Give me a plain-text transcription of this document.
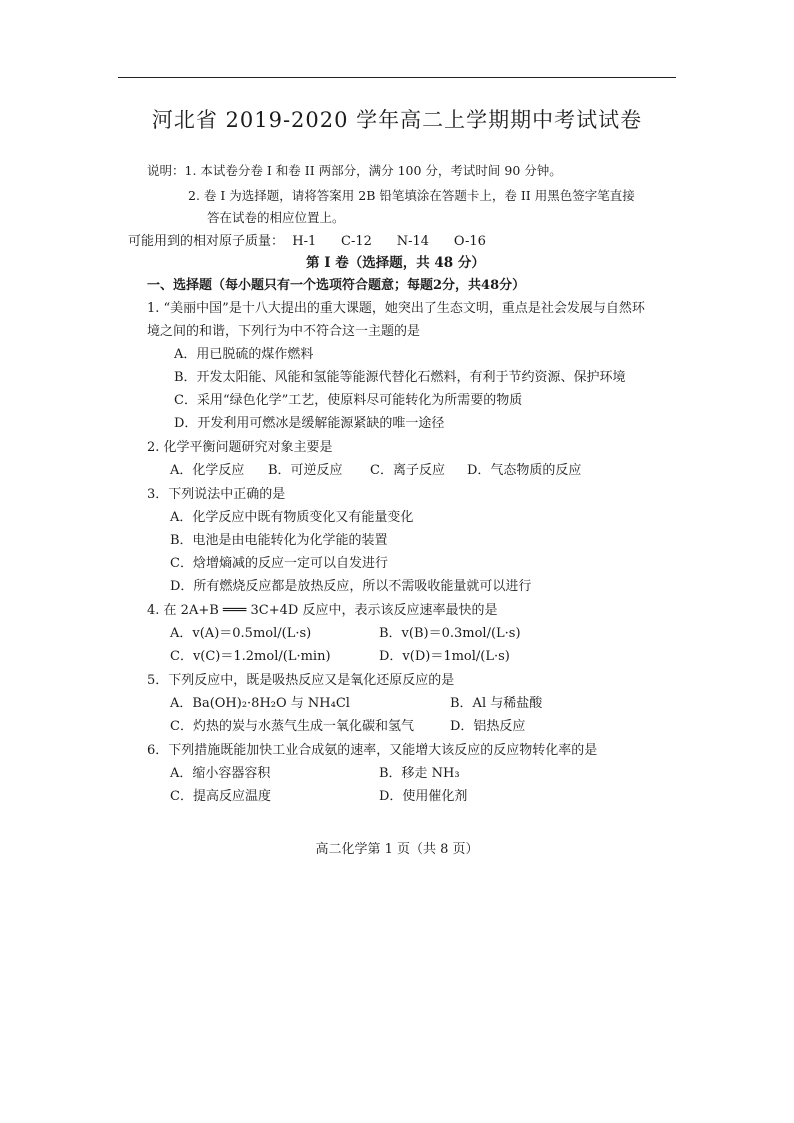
河北省 2019-2020 学年高二上学期期中考试试卷
说明：1. 本试卷分卷 I 和卷 II 两部分，满分 100 分，考试时间 90 分钟。
2. 卷 I 为选择题，请将答案用 2B 铅笔填涂在答题卡上，卷 II 用黑色签字笔直接
答在试卷的相应位置上。
可能用到的相对原子质量：  H-1      C-12      N-14      O-16
第 I 卷（选择题，共 48 分）
一、选择题（每小题只有一个选项符合题意；每题2分，共48分）
1. “美丽中国”是十八大提出的重大课题，她突出了生态文明，重点是社会发展与自然环
境之间的和谐，下列行为中不符合这一主题的是
A．用已脱硫的煤作燃料
B．开发太阳能、风能和氢能等能源代替化石燃料，有利于节约资源、保护环境
C．采用“绿色化学”工艺，使原料尽可能转化为所需要的物质
D．开发利用可燃冰是缓解能源紧缺的唯一途径
2. 化学平衡问题研究对象主要是
A．化学反应 B．可逆反应 C．离子反应 D．气态物质的反应
3．下列说法中正确的是
A．化学反应中既有物质变化又有能量变化
B．电池是由电能转化为化学能的装置
C．焓增熵减的反应一定可以自发进行
D．所有燃烧反应都是放热反应，所以不需吸收能量就可以进行
4. 在 2A+B ═══ 3C+4D 反应中，表示该反应速率最快的是
A．v(A)＝0.5mol/(L·s)	B．v(B)＝0.3mol/(L·s)
C．v(C)＝1.2mol/(L·min)	D．v(D)＝1mol/(L·s)
5．下列反应中，既是吸热反应又是氧化还原反应的是
A．Ba(OH)₂·8H₂O 与 NH₄Cl	B．Al 与稀盐酸
C．灼热的炭与水蒸气生成一氧化碳和氢气	D．铝热反应
6．下列措施既能加快工业合成氨的速率，又能增大该反应的反应物转化率的是
A．缩小容器容积	B．移走 NH₃
C．提高反应温度	D．使用催化剂
高二化学第 1 页（共 8 页）
